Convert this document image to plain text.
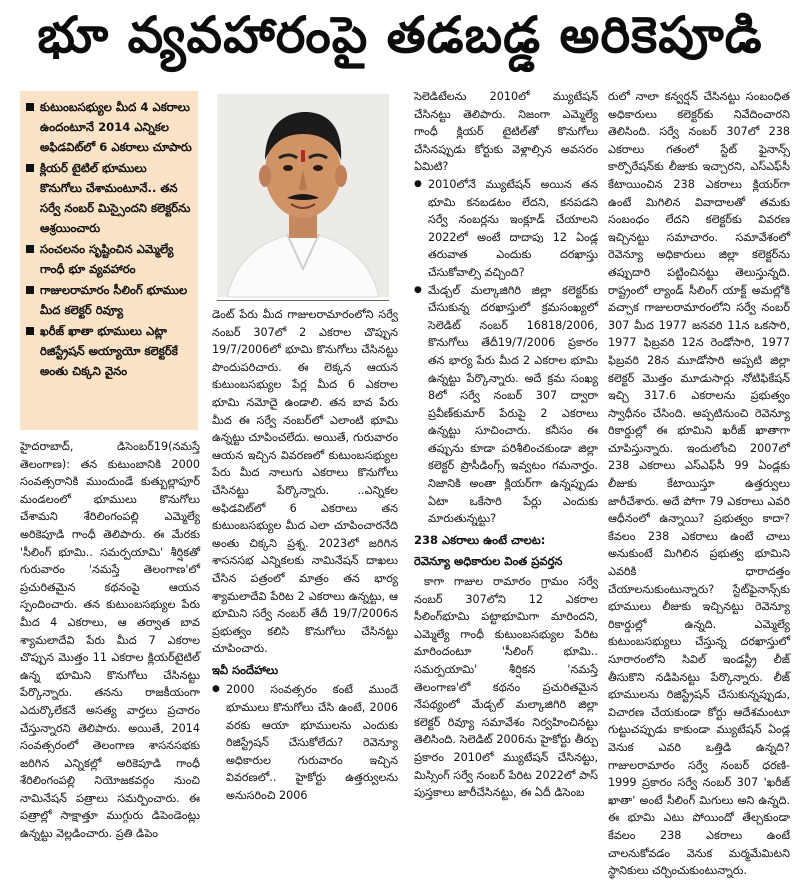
భూ వ్యవహారంపై తడబడ్డ అరికెపూడి
కుటుంబసభ్యుల మీద 4 ఎకరాలు ఉందంటూనే 2014 ఎన్నికల అఫిడవిట్‌లో 6 ఎకరాలు చూపారు
క్లియర్‌ టైటిల్‌ భూములు కొనుగోలు చేశామంటూనే.. తన సర్వే నంబర్‌ మిస్సైందని కలెక్టర్‌ను ఆశ్రయించారు
సంచలనం సృష్టించిన ఎమ్మెల్యే గాంధీ భూ వ్యవహారం
గాజులరామారం సీలింగ్‌ భూముల మీద కలెక్టర్‌ రివ్యూ
ఖరీజ్‌ ఖాతా భూములు ఎట్లా రిజిస్ట్రేషన్‌ అయ్యాయో కలెక్టర్‌కే అంతు చిక్కని వైనం

హైదరాబాద్‌, డిసెంబర్‌19(నమస్తే తెలంగాణ): తన కుటుంబానికి 2000 సంవత్సరానికి ముందుండే కుత్బుల్లాపూర్‌ మండలంలో భూములు కొనుగోలు చేశామని శేరిలింగంపల్లి ఎమ్మెల్యే అరికెపూడి గాంధీ తెలిపారు. ఈ మేరకు 'సీలింగ్‌ భూమి.. సమర్పయామి' శీర్షికతో గురువారం 'నమస్తే తెలంగాణ'లో ప్రచురితమైన కథనంపై ఆయన స్పందించారు. తన కుటుంబసభ్యుల పేరు మీద 4 ఎకరాలు, ఆ తర్వాత బావ శ్యామలాదేవి పేరు మీద 7 ఎకరాల చొప్పున మొత్తం 11 ఎకరాల క్లియర్‌టైటిల్‌ ఉన్న భూమిని కొనుగోలు చేసినట్టు పేర్కొన్నారు. తనను రాజకీయంగా ఎదుర్కొలేకనే అసత్య వార్తలు ప్రచారం చేస్తున్నారని తెలిపారు. అయితే, 2014 సంవత్సరంలో తెలంగాణ శాసనసభకు జరిగిన ఎన్నికల్లో అరికెపూడి గాంధీ శేరిలింగంపల్లి నియోజకవర్గం నుంచి నామినేషన్‌ పత్రాలు సమర్పించారు. ఈ పత్రాల్లో సాక్షాత్తూ ముగ్గురు డిపెండెంట్లు ఉన్నట్టు వెల్లడించారు. ప్రతి డిపెం

డెంట్‌ పేరు మీద గాజులరామారంలోని సర్వే నంబర్‌ 307లో 2 ఎకరాల చొప్పున 19/7/2006లో భూమి కొనుగోలు చేసినట్టు పొందుపరిచారు. ఈ లెక్కన ఆయన కుటుంబసభ్యుల పేర్ల మీద 6 ఎకరాల భూమి నమోదై ఉండాలి. తన బావ పేరు మీద ఈ సర్వే నంబర్‌లో ఎలాంటి భూమి ఉన్నట్టు చూపించలేదు. అయితే, గురువారం ఆయన ఇచ్చిన వివరణలో కుటుంబసభ్యుల పేరు మీద నాలుగు ఎకరాలు కొనుగోలు చేసినట్టు పేర్కొన్నారు. ..ఎన్నికల అఫిడవిట్‌లో 6 ఎకరాలు తన కుటుంబసభ్యుల మీద ఎలా చూపించారనేది అంతు చిక్కని ప్రశ్న. 2023లో జరిగిన శాసనసభ ఎన్నికలకు నామినేషన్‌ దాఖలు చేసిన పత్రంలో మాత్రం తన భార్య శ్యామలాదేవి పేరిట 2 ఎకరాలు ఉన్నట్టు, ఆ భూమిని సర్వే నంబర్‌ తేదీ 19/7/2006న ప్రభుత్వం కలిసి కొనుగోలు చేసినట్టు చూపించారు.

ఇవీ సందేహాలు

● 2000 సంవత్సరం కంటే ముందే భూములు కొనుగోలు చేసి ఉంటే, 2006 వరకు ఆయా భూములను ఎందుకు రిజిస్ట్రేషన్‌ చేసుకోలేదు? రెవెన్యూ అధికారుల గురువారం ఇచ్చిన వివరణలో.. హైకోర్టు ఉత్తర్వులను అనుసరించి 2006

సెలెడిటేలను 2010లో మ్యుటేషన్‌ చేసినట్టు తెలిపారు. నిజంగా ఎమ్మెల్యే గాంధీ క్లియర్‌ టైటిల్‌తో కొనుగోలు చేసినప్పుడు కోర్టుకు వెళ్లాల్సిన అవసరం ఏమిటి?

● 2010లోనే మ్యుటేషన్‌ అయిన తన భూమి కనబడటం లేదని, కనపడని సర్వే నంబర్లను ఇంక్లూడ్‌ చేయాలని 2022లో అంటే దాదాపు 12 ఏండ్ల తరువాత ఎందుకు దరఖాస్తు చేసుకోవాల్సి వచ్చింది?

● మేడ్చల్‌ మల్కాజిగిరి జిల్లా కలెక్టర్‌కు చేసుకున్న దరఖాస్తులో క్రమసంఖ్యలో సెలెడిట్‌ నంబర్‌ 16818/2006, కొనుగోలు తేదీ19/7/2006 ప్రకారం తన భార్య పేరు మీద 2 ఎకరాల భూమి ఉన్నట్టు పేర్కొన్నారు. అదే క్రమ సంఖ్య 8లో సర్వే నంబర్‌ 307 ద్వారా ప్రవీణ్‌కుమార్‌ పేరుపై 2 ఎకరాలు ఉన్నట్టు సూచించారు. కనీసం ఈ తప్పును కూడా పరిశీలించకుండా జిల్లా కలెక్టర్‌ ప్రొసీడింగ్స్‌ ఇవ్వటం గమనార్హం. నిజానికి అంతా క్లియర్‌గా ఉన్నప్పుడు ఏటా ఒకేసారి పేర్లు ఎందుకు మారుతున్నట్టు?

238 ఎకరాలు ఉంటే చాలట:
రెవెన్యూ అధికారుల వింత ప్రవర్తన

కాగా గాజుల రామారం గ్రామం సర్వే నంబర్‌ 307లోని 12 ఎకరాల సీలింగ్‌భూమి పట్టాభూమిగా మారిందని, ఎమ్మెల్యే గాంధీ కుటుంబసభ్యుల పేరిట మారిందంటూ 'సీలింగ్‌ భూమి.. సమర్పయామి' శీర్షికన 'నమస్తే తెలంగాణ'లో కథనం ప్రచురితమైన నేపథ్యంలో మేడ్చల్‌ మల్కాజిగిరి జిల్లా కలెక్టర్‌ రివ్యూ సమావేశం నిర్వహించినట్టు తెలిసింది. సెలెడిట్‌ 2006ను హైకోర్టు తీర్పు ప్రకారం 2010లో మ్యుటేషన్‌ చేసినట్టు, మిస్సింగ్‌ సర్వే నంబర్‌ పేరిట 2022లో పాస్‌ పుస్తకాలు జారీచేసినట్టు, ఈ ఏదీ డిసెంబ

రులో నాలా కన్వర్షన్‌ చేసినట్టు సంబంధిత అధికారులు కలెక్టర్‌కు నివేదించారని తెలిసింది. సర్వే నంబర్‌ 307లో 238 ఎకరాలు గతంలో స్టేట్‌ ఫైనాన్స్‌ కార్పొరేషన్‌కు లీజుకు ఇచ్చారని, ఎస్‌ఎఫ్‌సీ కేటాయించిన 238 ఎకరాలు క్లియర్‌గా ఉంటే మిగిలిన వివాదాలతో తమకు సంబంధం లేదని కలెక్టర్‌కు వివరణ ఇచ్చినట్టు సమాచారం. సమావేశంలో రెవెన్యూ అధికారులు జిల్లా కలెక్టర్‌ను తప్పుదారి పట్టించినట్టు తెలుస్తున్నది. రాష్ట్రంలో ల్యాండ్‌ సీలింగ్‌ యాక్ట్‌ అమల్లోకి వచ్చాక గాజులరామారంలోని సర్వే నంబర్‌ 307 మీద 1977 జనవరి 11న ఒకసారి, 1977 ఫిబ్రవరి 12న రెండోసారి, 1977 ఫిబ్రవరి 28న మూడోసారి అప్పటి జిల్లా కలెక్టర్‌ మొత్తం మూడుసార్లు నోటిఫికేషన్‌ ఇచ్చి 317.6 ఎకరాలను ప్రభుత్వం స్వాధీనం చేసింది. అప్పటినుంచి రెవెన్యూ రికార్డుల్లో ఈ భూమిని ఖరీజ్‌ ఖాతాగా చూపిస్తున్నారు. ఇందులోంచి 2007లో 238 ఎకరాలు ఎస్‌ఎఫ్‌సీ 99 ఏండ్లకు లీజుకు కేటాయిస్తూ ఉత్తర్వులు జారీచేశారు. అదే పోగా 79 ఎకరాలు ఎవరి ఆధీనంలో ఉన్నాయి? ప్రభుత్వం కాదా? కేవలం 238 ఎకరాలు ఉంటే చాలు అనుకుంటే మిగిలిన ప్రభుత్వ భూమిని ఎవరికి ధారాదత్తం చేయాలనుకుంటున్నారు? స్టేట్‌ఫైనాన్స్‌కు భూములు లీజుకు ఇచ్చినట్టు రెవెన్యూ రికార్డుల్లో ఉన్నది. ఎమ్మెల్యే కుటుంబసభ్యులు చేస్తున్న దరఖాస్తులో సూరారంలోని సివిల్‌ ఇండస్ట్రీ లీజ్‌ తీసుకొని నడిపినట్టు పేర్కొన్నారు. లీజ్‌ భూములను రిజిస్ట్రేషన్‌ చేసుకున్నప్పుడు, విచారణ చేయకుండా కోర్టు ఆదేశమంటూ గుట్టుచప్పుడు కాకుండా మ్యుటేషన్‌ ఏండ్ల వెనుక ఎవరి ఒత్తిడి ఉన్నది? గాజులరామారం సర్వే నంబర్‌ ధరణి- 1999 ప్రకారం సర్వే నంబర్‌ 307 'ఖరీజ్‌ ఖాతా' అంటే సీలింగ్‌ మిగులు అని ఉన్నది. ఈ భూమి ఎటు పోయిందో తేల్చకుండా కేవలం 238 ఎకరాలు ఉంటే చాలనుకోవడం వెనుక మర్మమేమిటని స్థానికులు చర్చించుకుంటున్నారు.
